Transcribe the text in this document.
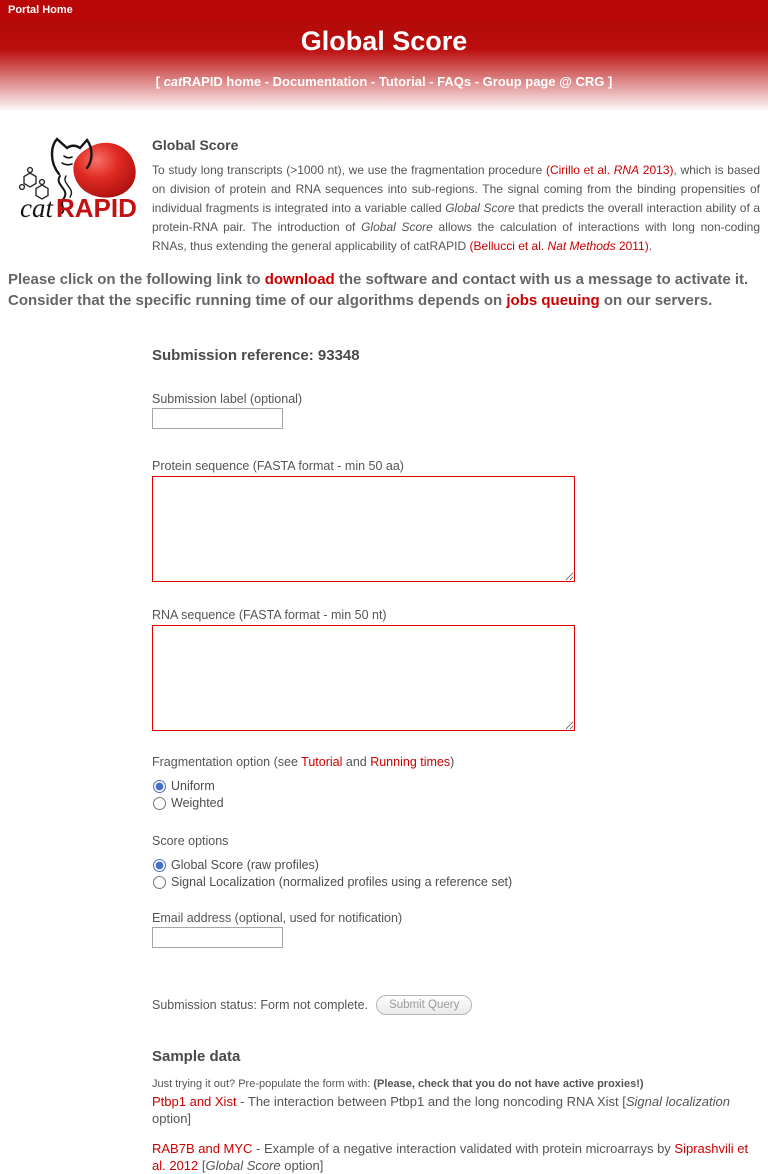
Portal Home
Global Score
[ catRAPID home - Documentation - Tutorial - FAQs - Group page @ CRG ]
cat RAPID
Global Score
To study long transcripts (>1000 nt), we use the fragmentation procedure (Cirillo et al. RNA 2013), which is based on division of protein and RNA sequences into sub-regions. The signal coming from the binding propensities of individual fragments is integrated into a variable called Global Score that predicts the overall interaction ability of a protein-RNA pair. The introduction of Global Score allows the calculation of interactions with long non-coding RNAs, thus extending the general applicability of catRAPID (Bellucci et al. Nat Methods 2011).
Please click on the following link to download the software and contact with us a message to activate it. Consider that the specific running time of our algorithms depends on jobs queuing on our servers.
Submission reference: 93348
Submission label (optional)
Protein sequence (FASTA format - min 50 aa)
RNA sequence (FASTA format - min 50 nt)
Fragmentation option (see Tutorial and Running times)
Uniform
Weighted
Score options
Global Score (raw profiles)
Signal Localization (normalized profiles using a reference set)
Email address (optional, used for notification)
Submission status: Form not complete.	Submit Query
Sample data
Just trying it out? Pre-populate the form with: (Please, check that you do not have active proxies!)
Ptbp1 and Xist - The interaction between Ptbp1 and the long noncoding RNA Xist [Signal localization option]
RAB7B and MYC - Example of a negative interaction validated with protein microarrays by Siprashvili et al. 2012 [Global Score option]
